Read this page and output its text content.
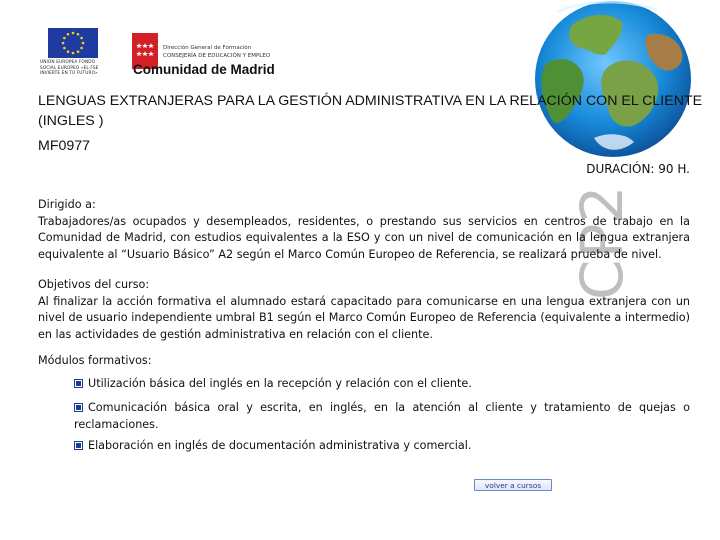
UNIÓN EUROPEA FONDO SOCIAL EUROPEO «EL FSE INVIERTE EN TU FUTURO»
Dirección General de Formación
CONSEJERÍA DE EDUCACIÓN Y EMPLEO
Comunidad de Madrid
LENGUAS EXTRANJERAS PARA LA GESTIÓN ADMINISTRATIVA EN LA RELACIÓN CON EL CLIENTE (INGLES )
MF0977
DURACIÓN: 90 H.
CP2
Dirigido a:
Trabajadores/as ocupados y desempleados, residentes, o prestando sus servicios en centros de trabajo en la Comunidad de Madrid, con estudios equivalentes a la ESO y con un nivel de comunicación en la lengua extranjera equivalente al “Usuario Básico” A2 según el Marco Común Europeo de Referencia, se realizará prueba de nivel.
Objetivos del curso:
Al finalizar la acción formativa el alumnado estará capacitado para comunicarse en una lengua extranjera con un nivel de usuario independiente umbral B1 según el Marco Común Europeo de Referencia (equivalente a intermedio) en las actividades de gestión administrativa en relación con el cliente.
Módulos formativos:
Utilización básica del inglés en la recepción y relación con el cliente.
Comunicación básica oral y escrita, en inglés, en la atención al cliente y tratamiento de quejas o reclamaciones.
Elaboración en inglés de documentación administrativa y comercial.
volver a cursos
